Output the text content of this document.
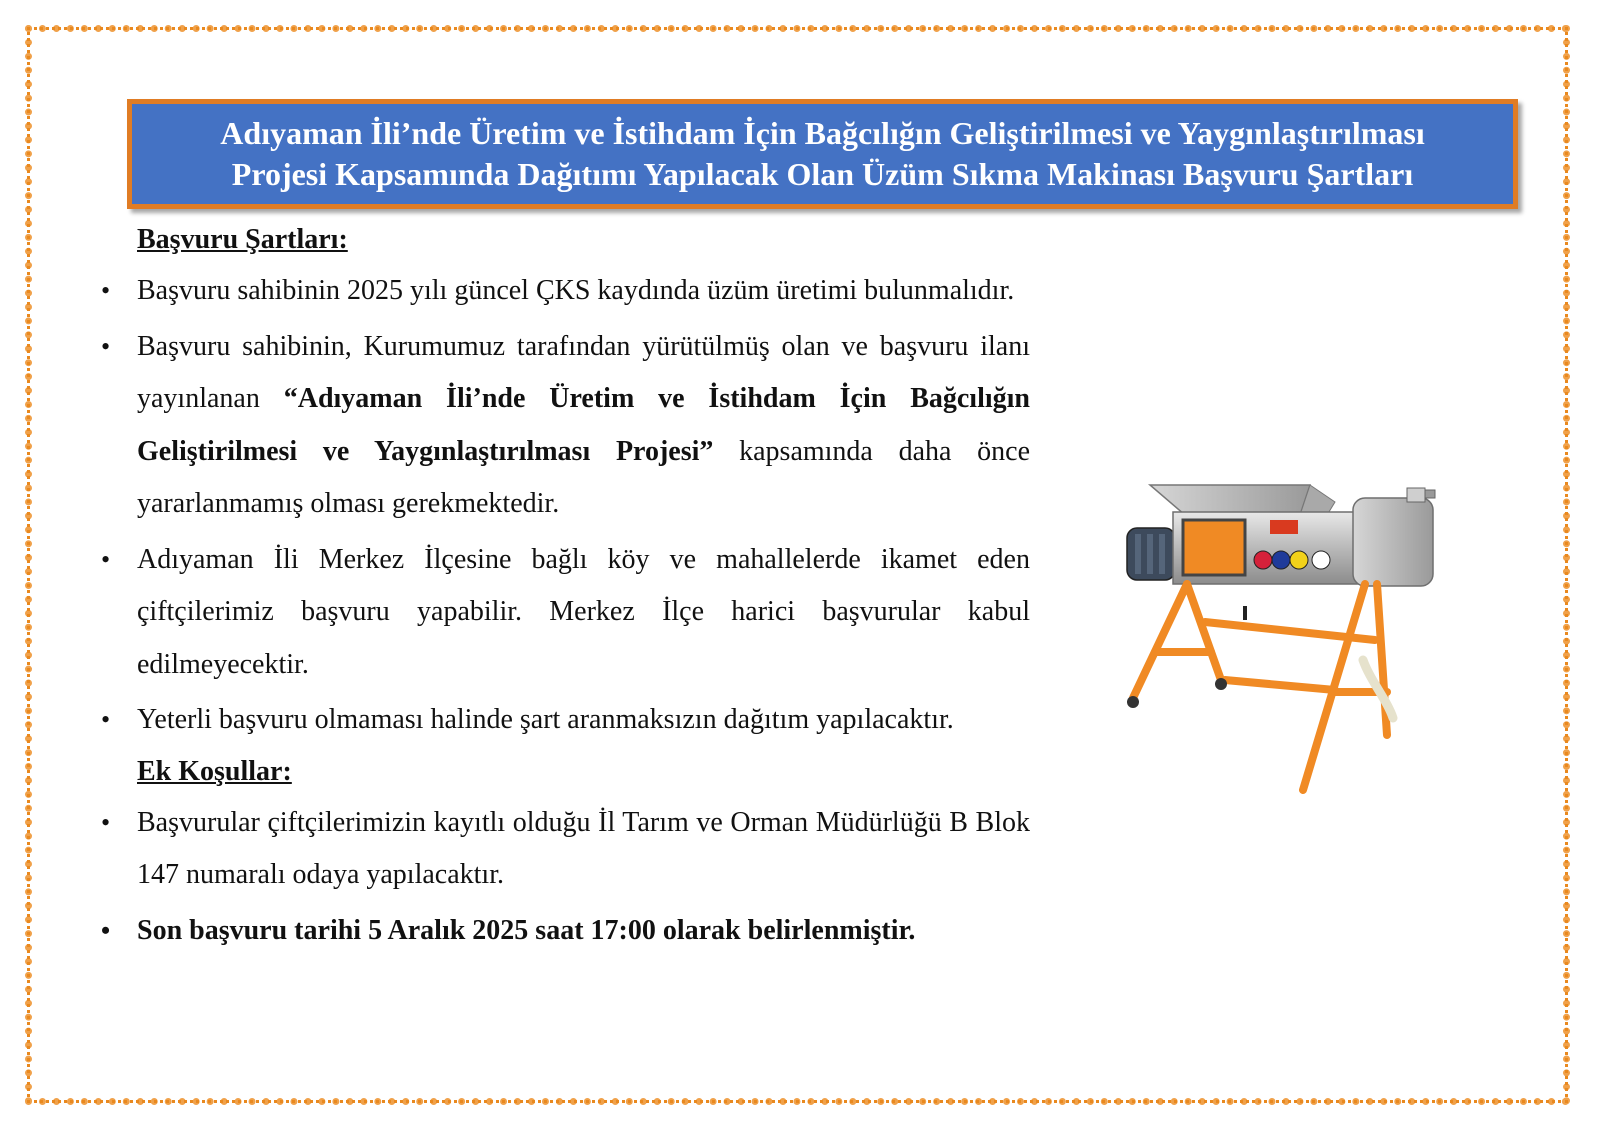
Adıyaman İli’nde Üretim ve İstihdam İçin Bağcılığın Geliştirilmesi ve Yaygınlaştırılması
Projesi Kapsamında Dağıtımı Yapılacak Olan Üzüm Sıkma Makinası Başvuru Şartları
Başvuru Şartları:
• Başvuru sahibinin 2025 yılı güncel ÇKS kaydında üzüm üretimi bulunmalıdır.
• Başvuru sahibinin, Kurumumuz tarafından yürütülmüş olan ve başvuru ilanı yayınlanan “Adıyaman İli’nde Üretim ve İstihdam İçin Bağcılığın Geliştirilmesi ve Yaygınlaştırılması Projesi” kapsamında daha önce yararlanmamış olması gerekmektedir.
• Adıyaman İli Merkez İlçesine bağlı köy ve mahallelerde ikamet eden çiftçilerimiz başvuru yapabilir. Merkez İlçe harici başvurular kabul edilmeyecektir.
• Yeterli başvuru olmaması halinde şart aranmaksızın dağıtım yapılacaktır.
Ek Koşullar:
• Başvurular çiftçilerimizin kayıtlı olduğu İl Tarım ve Orman Müdürlüğü B Blok 147 numaralı odaya yapılacaktır.
• Son başvuru tarihi 5 Aralık 2025 saat 17:00 olarak belirlenmiştir.
